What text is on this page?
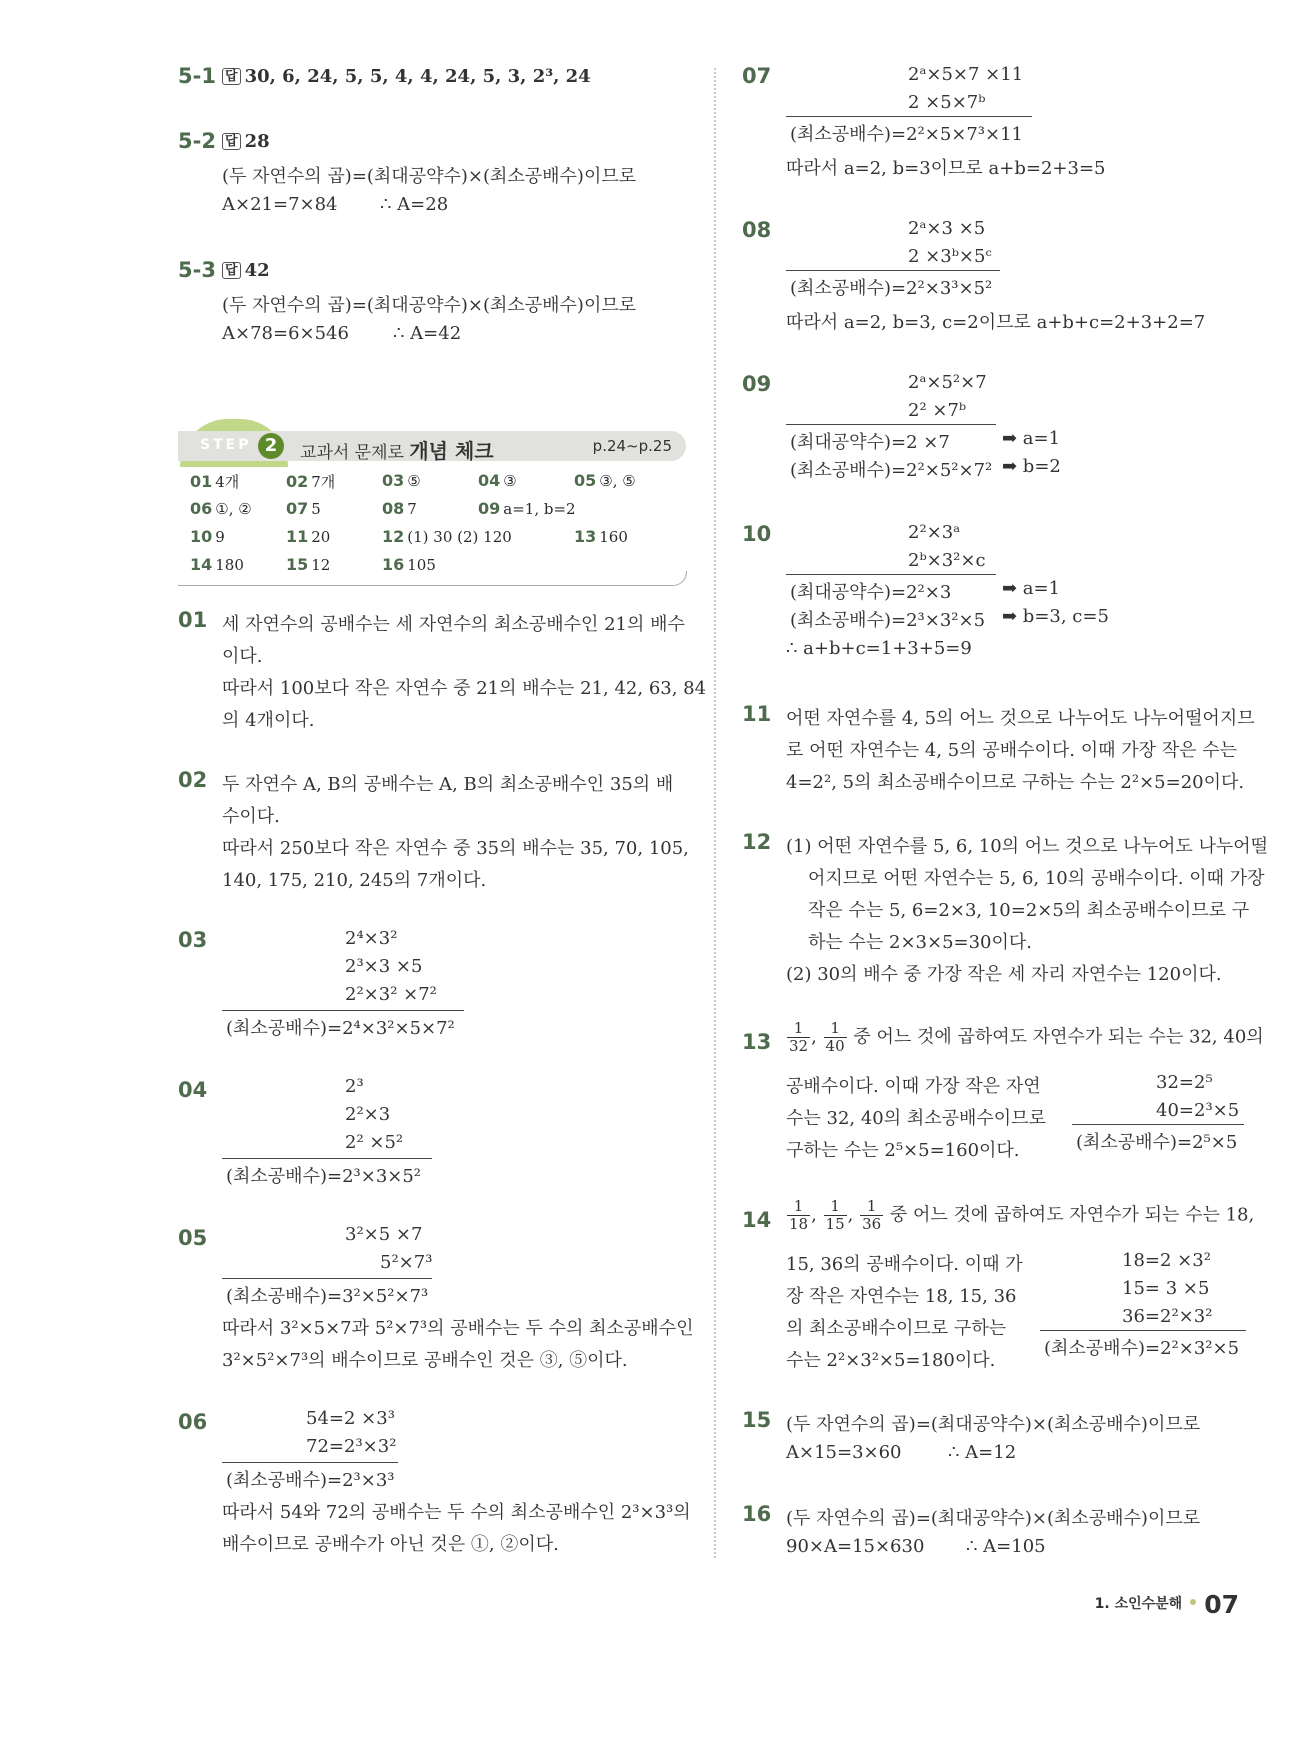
5-1 답 30, 6, 24, 5, 5, 4, 4, 24, 5, 3, 2³, 24
5-2 답 28
(두 자연수의 곱)=(최대공약수)×(최소공배수)이므로
A×21=7×84 ∴ A=28
5-3 답 42
(두 자연수의 곱)=(최대공약수)×(최소공배수)이므로
A×78=6×546 ∴ A=42
STEP 2	교과서 문제로 개념 체크	p.24∼p.25
01 4개	02 7개	03 ⑤	04 ③	05 ③, ⑤
06 ①, ② 07 5	08 7	09 a=1, b=2
10 9	11 20	12 (1) 30 (2) 120	13 160
14 180	15 12	16 105
01 세 자연수의 공배수는 세 자연수의 최소공배수인 21의 배수
이다.
따라서 100보다 작은 자연수 중 21의 배수는 21, 42, 63, 84
의 4개이다.
02 두 자연수 A, B의 공배수는 A, B의 최소공배수인 35의 배
수이다.
따라서 250보다 작은 자연수 중 35의 배수는 35, 70, 105,
140, 175, 210, 245의 7개이다.
03	2⁴×3²
2³×3 ×5
2²×3² ×7²
(최소공배수)=2⁴×3²×5×7²
04	2³
2²×3
2² ×5²
(최소공배수)=2³×3×5²
05	3²×5 ×7
5²×7³
(최소공배수)=3²×5²×7³
따라서 3²×5×7과 5²×7³의 공배수는 두 수의 최소공배수인
3²×5²×7³의 배수이므로 공배수인 것은 ③, ⑤이다.
06	54=2 ×3³
72=2³×3²
(최소공배수)=2³×3³
따라서 54와 72의 공배수는 두 수의 최소공배수인 2³×3³의
배수이므로 공배수가 아닌 것은 ①, ②이다.
07	2ᵃ×5×7 ×11
2 ×5×7ᵇ
(최소공배수)=2²×5×7³×11
따라서 a=2, b=3이므로 a+b=2+3=5
08	2ᵃ×3 ×5
2 ×3ᵇ×5ᶜ
(최소공배수)=2²×3³×5²
따라서 a=2, b=3, c=2이므로 a+b+c=2+3+2=7
09	2ᵃ×5²×7
2² ×7ᵇ
(최대공약수)=2 ×7	➡ a=1
(최소공배수)=2²×5²×7² ➡ b=2
10	2²×3ᵃ
2ᵇ×3²×c
(최대공약수)=2²×3	➡ a=1
(최소공배수)=2³×3²×5 ➡ b=3, c=5
∴ a+b+c=1+3+5=9
11 어떤 자연수를 4, 5의 어느 것으로 나누어도 나누어떨어지므
로 어떤 자연수는 4, 5의 공배수이다. 이때 가장 작은 수는
4=2², 5의 최소공배수이므로 구하는 수는 2²×5=20이다.
12 (1) 어떤 자연수를 5, 6, 10의 어느 것으로 나누어도 나누어떨
어지므로 어떤 자연수는 5, 6, 10의 공배수이다. 이때 가장
작은 수는 5, 6=2×3, 10=2×5의 최소공배수이므로 구
하는 수는 2×3×5=30이다.
(2) 30의 배수 중 가장 작은 세 자리 자연수는 120이다.
$13 \frac{1}{32}$ , $\frac{1}{40}$ 중 어느 것에 곱하여도 자연수가 되는 수는 32, 40의
공배수이다. 이때 가장 작은 자연
수는 32, 40의 최소공배수이므로
구하는 수는 2⁵×5=160이다.
32=2⁵
40=2³×5
(최소공배수)=2⁵×5
$14 \frac{1}{18}$ , $\frac{1}{15}$ , $\frac{1}{36}$ 중 어느 것에 곱하여도 자연수가 되는 수는 18,
15, 36의 공배수이다. 이때 가
장 작은 자연수는 18, 15, 36
의 최소공배수이므로 구하는
수는 2²×3²×5=180이다.
18=2 ×3²
15= 3 ×5
36=2²×3²
(최소공배수)=2²×3²×5
15 (두 자연수의 곱)=(최대공약수)×(최소공배수)이므로
A×15=3×60	∴ A=12
16 (두 자연수의 곱)=(최대공약수)×(최소공배수)이므로
90×A=15×630 ∴ A=105
1. 소인수분해 07
